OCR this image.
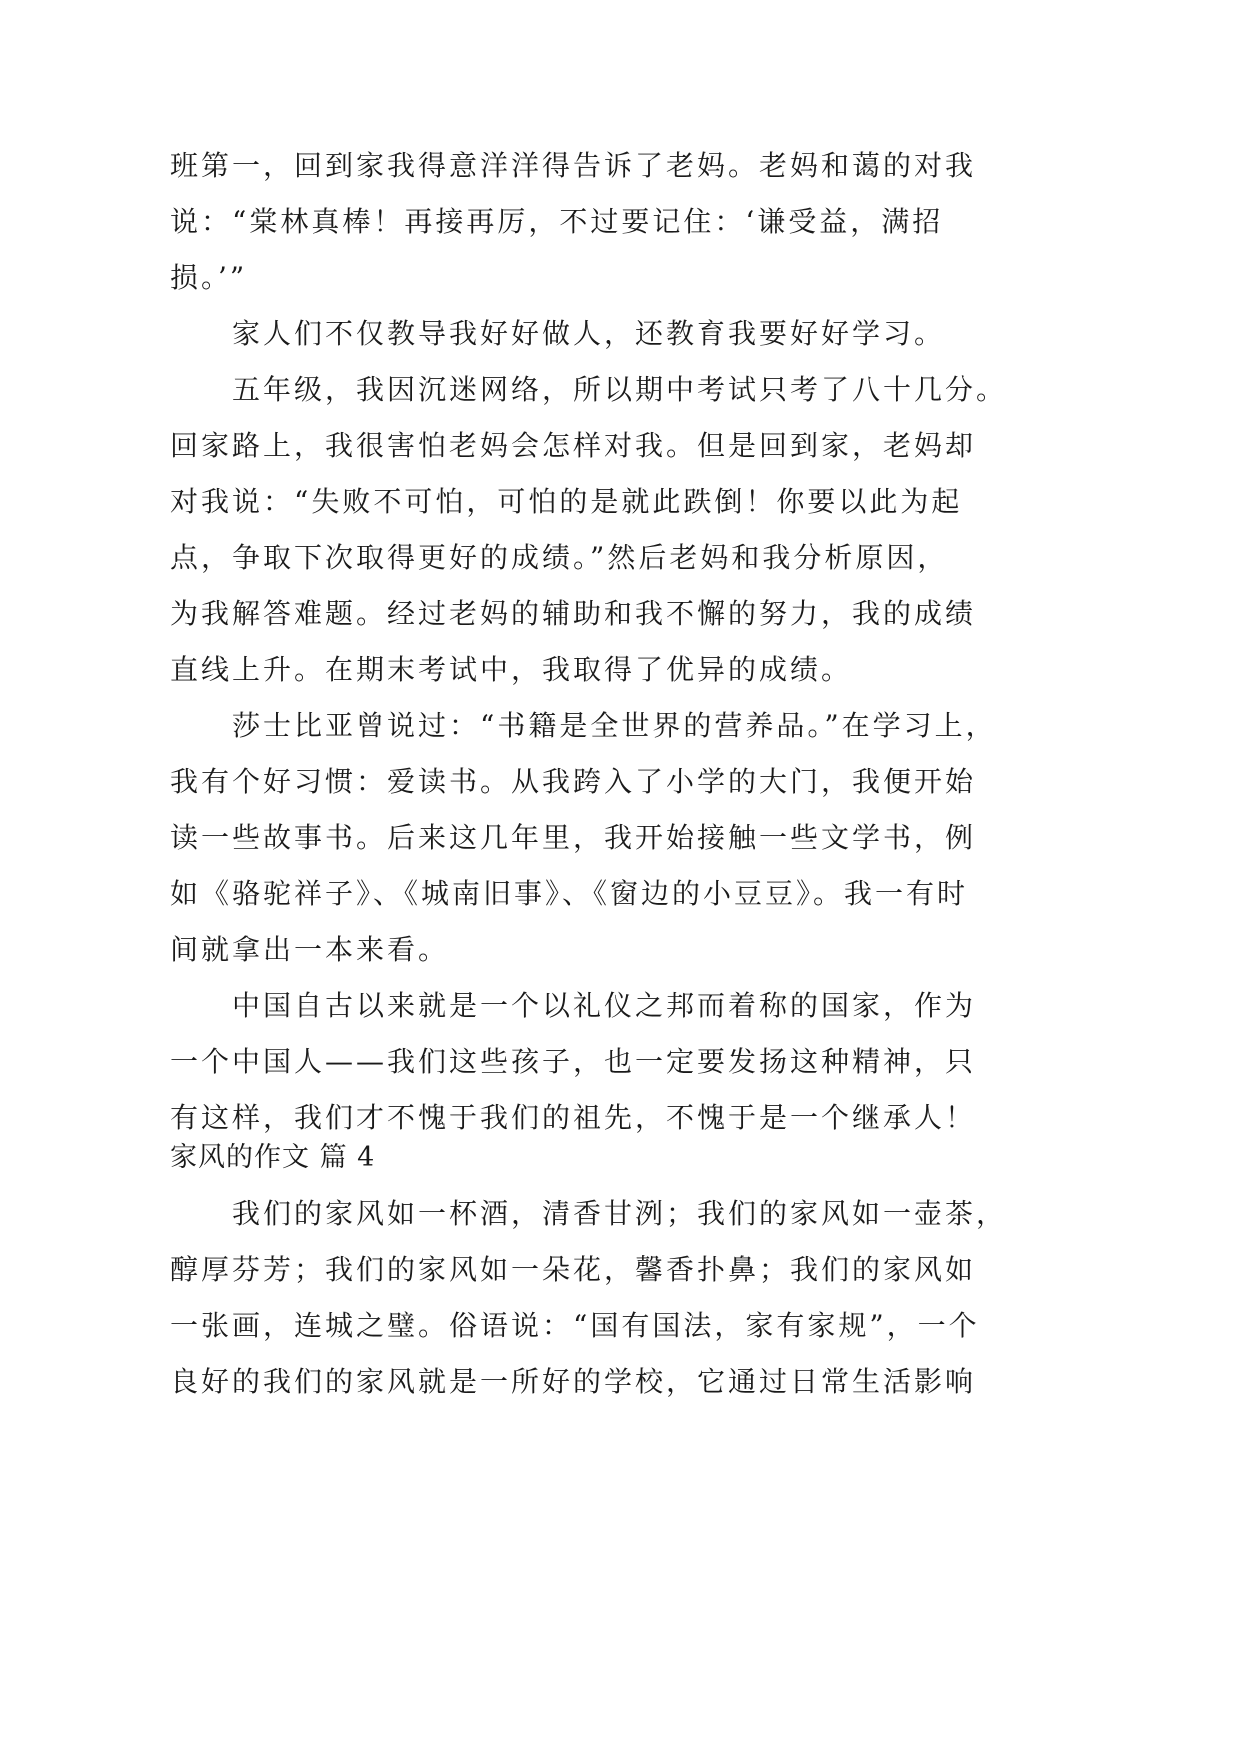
班第一，回到家我得意洋洋得告诉了老妈。老妈和蔼的对我

说：“棠林真棒！再接再厉，不过要记住：‘谦受益，满招

损。’”

　　家人们不仅教导我好好做人，还教育我要好好学习。

　　五年级，我因沉迷网络，所以期中考试只考了八十几分。

回家路上，我很害怕老妈会怎样对我。但是回到家，老妈却

对我说：“失败不可怕，可怕的是就此跌倒！你要以此为起

点，争取下次取得更好的成绩。”然后老妈和我分析原因，

为我解答难题。经过老妈的辅助和我不懈的努力，我的成绩

直线上升。在期末考试中，我取得了优异的成绩。

　　莎士比亚曾说过：“书籍是全世界的营养品。”在学习上，

我有个好习惯：爱读书。从我跨入了小学的大门，我便开始

读一些故事书。后来这几年里，我开始接触一些文学书，例

如《骆驼祥子》、《城南旧事》、《窗边的小豆豆》。我一有时

间就拿出一本来看。

　　中国自古以来就是一个以礼仪之邦而着称的国家，作为

一个中国人——我们这些孩子，也一定要发扬这种精神，只

有这样，我们才不愧于我们的祖先，不愧于是一个继承人！

家风的作文 篇 4

　　我们的家风如一杯酒，清香甘洌；我们的家风如一壶茶，

醇厚芬芳；我们的家风如一朵花，馨香扑鼻；我们的家风如

一张画，连城之璧。俗语说：“国有国法，家有家规”，一个

良好的我们的家风就是一所好的学校，它通过日常生活影响
